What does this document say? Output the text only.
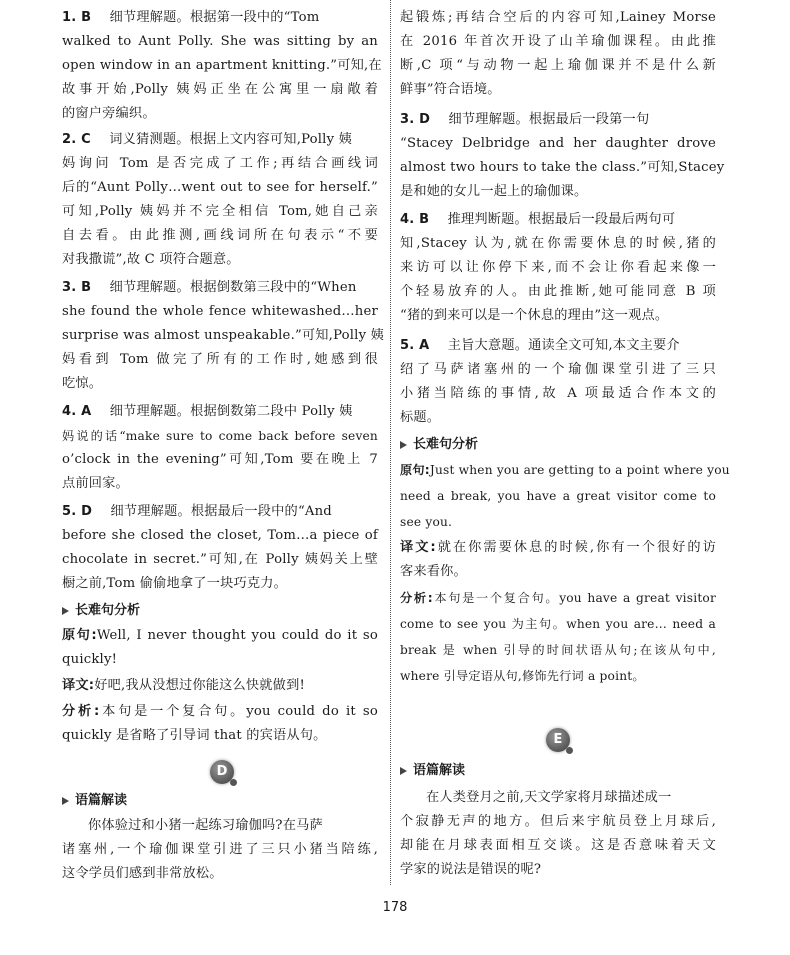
1. B 细节理解题。根据第一段中的“Tom
walked to Aunt Polly. She was sitting by an
open window in an apartment knitting.”可知,在
故事开始,Polly 姨妈正坐在公寓里一扇敞着
的窗户旁编织。
2. C 词义猜测题。根据上文内容可知,Polly 姨
妈询问 Tom 是否完成了工作;再结合画线词
后的“Aunt Polly…went out to see for herself.”
可知,Polly 姨妈并不完全相信 Tom,她自己亲
自去看。由此推测,画线词所在句表示“不要
对我撒谎”,故 C 项符合题意。
3. B 细节理解题。根据倒数第三段中的“When
she found the whole fence whitewashed…her
surprise was almost unspeakable.”可知,Polly 姨
妈看到 Tom 做完了所有的工作时,她感到很
吃惊。
4. A 细节理解题。根据倒数第二段中 Polly 姨
妈说的话“make sure to come back before seven
o’clock in the evening”可知,Tom 要在晚上 7
点前回家。
5. D 细节理解题。根据最后一段中的“And
before she closed the closet, Tom…a piece of
chocolate in secret.”可知,在 Polly 姨妈关上壁
橱之前,Tom 偷偷地拿了一块巧克力。
长难句分析
原句:Well, I never thought you could do it so
quickly!
译文:好吧,我从没想过你能这么快就做到!
分析:本句是一个复合句。you could do it so
quickly 是省略了引导词 that 的宾语从句。
D
语篇解读
你体验过和小猪一起练习瑜伽吗?在马萨
诸塞州,一个瑜伽课堂引进了三只小猪当陪练,
这令学员们感到非常放松。
起锻炼;再结合空后的内容可知,Lainey Morse
在 2016 年首次开设了山羊瑜伽课程。由此推
断,C 项“与动物一起上瑜伽课并不是什么新
鲜事”符合语境。
3. D 细节理解题。根据最后一段第一句
“Stacey Delbridge and her daughter drove
almost two hours to take the class.”可知,Stacey
是和她的女儿一起上的瑜伽课。
4. B 推理判断题。根据最后一段最后两句可
知,Stacey 认为,就在你需要休息的时候,猪的
来访可以让你停下来,而不会让你看起来像一
个轻易放弃的人。由此推断,她可能同意 B 项
“猪的到来可以是一个休息的理由”这一观点。
5. A 主旨大意题。通读全文可知,本文主要介
绍了马萨诸塞州的一个瑜伽课堂引进了三只
小猪当陪练的事情,故 A 项最适合作本文的
标题。
长难句分析
原句:Just when you are getting to a point where you
need a break, you have a great visitor come to
see you.
译文:就在你需要休息的时候,你有一个很好的访
客来看你。
分析:本句是一个复合句。you have a great visitor
come to see you 为主句。when you are… need a
break 是 when 引导的时间状语从句;在该从句中,
where 引导定语从句,修饰先行词 a point。
E
语篇解读
在人类登月之前,天文学家将月球描述成一
个寂静无声的地方。但后来宇航员登上月球后,
却能在月球表面相互交谈。这是否意味着天文
学家的说法是错误的呢?
178
